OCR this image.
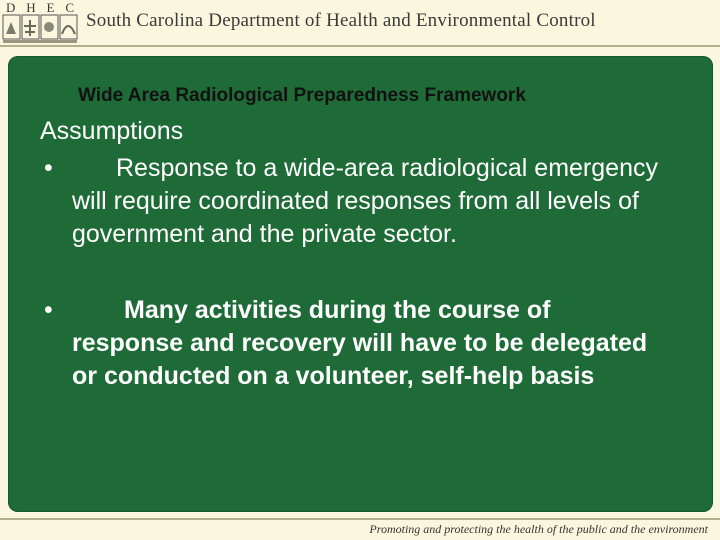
D H E C
South Carolina Department of Health and Environmental Control
Wide Area Radiological Preparedness Framework
Assumptions
•	Response to a wide-area radiological emergency will require coordinated responses from all levels of government and the private sector.
•	Many activities during the course of response and recovery will have to be delegated or conducted on a volunteer, self-help basis
Promoting and protecting the health of the public and the environment
